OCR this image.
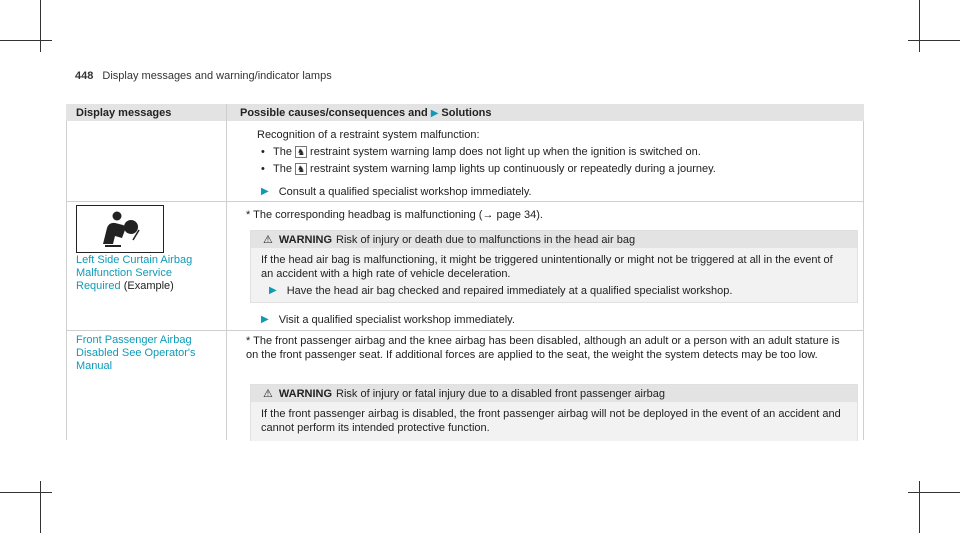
448 Display messages and warning/indicator lamps
Display messages	Possible causes/consequences and ▶ Solutions
Recognition of a restraint system malfunction:
• The ♞ restraint system warning lamp does not light up when the ignition is switched on.
• The ♞ restraint system warning lamp lights up continuously or repeatedly during a journey.
▶ Consult a qualified specialist workshop immediately.
Left Side Curtain Airbag Malfunction Service Required (Example)
* The corresponding headbag is malfunctioning (→ page 34).
⚠ WARNING Risk of injury or death due to malfunctions in the head air bag
If the head air bag is malfunctioning, it might be triggered unintentionally or might not be triggered at all in the event of an accident with a high rate of vehicle deceleration.
▶ Have the head air bag checked and repaired immediately at a qualified specialist workshop.
▶ Visit a qualified specialist workshop immediately.
Front Passenger Airbag Disabled See Operator's Manual
* The front passenger airbag and the knee airbag has been disabled, although an adult or a person with an adult stature is on the front passenger seat. If additional forces are applied to the seat, the weight the system detects may be too low.
⚠ WARNING Risk of injury or fatal injury due to a disabled front passenger airbag
If the front passenger airbag is disabled, the front passenger airbag will not be deployed in the event of an accident and cannot perform its intended protective function.
